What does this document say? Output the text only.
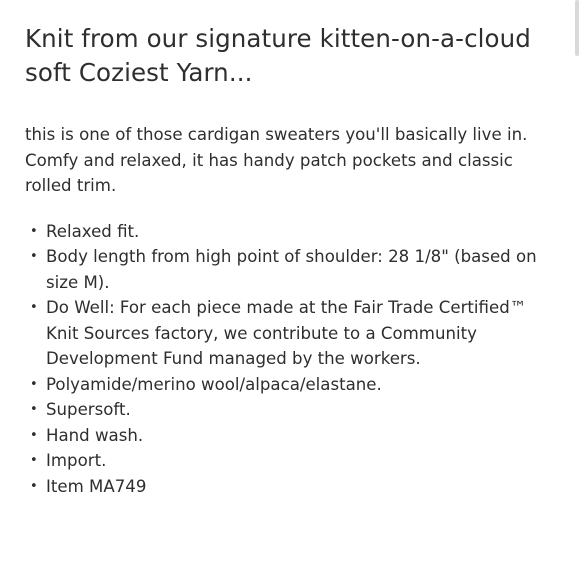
Knit from our signature kitten-on-a-cloud soft Coziest Yarn...

this is one of those cardigan sweaters you'll basically live in. Comfy and relaxed, it has handy patch pockets and classic rolled trim.

• Relaxed fit.
• Body length from high point of shoulder: 28 1/8" (based on size M).
• Do Well: For each piece made at the Fair Trade Certified™ Knit Sources factory, we contribute to a Community Development Fund managed by the workers.
• Polyamide/merino wool/alpaca/elastane.
• Supersoft.
• Hand wash.
• Import.
• Item MA749
